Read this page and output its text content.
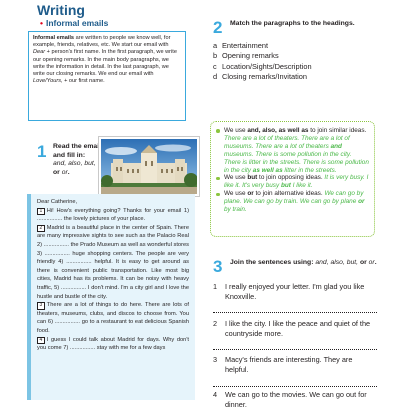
Writing
• Informal emails
Informal emails are written to people we know well, for example, friends, relatives, etc. We start our email with Dear + person's first name. In the first paragraph, we write our opening remarks. In the main body paragraphs, we write the information in detail. In the last paragraph, we write our closing remarks. We end our email with Love/Yours, + our first name.
1 Read the email
and fill in:
and, also, but, or or.

Dear Catherine,

1 Hi! How's everything going? Thanks for your email 1) ................ the lovely pictures of your place.

2 Madrid is a beautiful place in the center of Spain. There are many impressive sights to see such as the Palacio Real 2) ................ the Prado Museum as well as wonderful stores 3) ................ huge shopping centers. The people are very friendly 4) ................ helpful. It is easy to get around as there is convenient public transportation. Like most big cities, Madrid has its problems. It can be noisy with heavy traffic, 5) ................ I don't mind. I'm a city girl and I love the hustle and bustle of the city.

3 There are a lot of things to do here. There are lots of theaters, museums, clubs, and discos to choose from. You can 6) ................ go to a restaurant to eat delicious Spanish food.

4 I guess I could talk about Madrid for days. Why don't you come 7) ................ stay with me for a few days

2 Match the paragraphs to the headings.
a Entertainment
b Opening remarks
c Location/Sights/Description
d Closing remarks/Invitation
We use and, also, as well as to join similar ideas. There are a lot of theaters. There are a lot of museums. There are a lot of theaters and museums. There is some pollution in the city. There is litter in the streets. There is some pollution in the city as well as litter in the streets.
We use but to join opposing ideas. It is very busy. I like it. It's very busy but I like it.
We use or to join alternative ideas. We can go by plane. We can go by train. We can go by plane or by train.
3 Join the sentences using: and, also, but, or or.
1 I really enjoyed your letter. I'm glad you like Knoxville.
2 I like the city. I like the peace and quiet of the countryside more.
3 Macy's friends are interesting. They are helpful.
4 We can go to the movies. We can go out for dinner.
